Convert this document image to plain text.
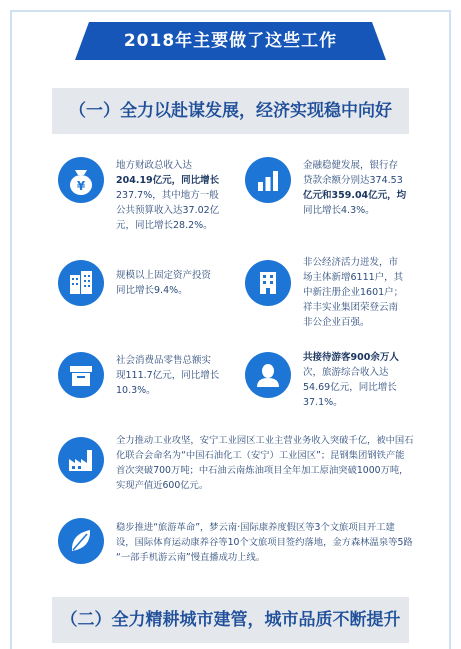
2018年主要做了这些工作
（一）全力以赴谋发展，经济实现稳中向好
¥

地方财政总收入达

204.19亿元，同比增长

237.7%，其中地方一般

公共预算收入达37.02亿

元，同比增长28.2%。

金融稳健发展，银行存

贷款余额分别达374.53

亿元和359.04亿元，均

同比增长4.3%。

规模以上固定资产投资

同比增长9.4%。

非公经济活力迸发，市

场主体新增6111户，其

中新注册企业1601户；

祥丰实业集团荣登云南

非公企业百强。

社会消费品零售总额实

现111.7亿元，同比增长

10.3%。

共接待游客900余万人

次，旅游综合收入达

54.69亿元，同比增长

37.1%。

全力推动工业攻坚，安宁工业园区工业主营业务收入突破千亿，被中国石

化联合会命名为“中国石油化工（安宁）工业园区”；昆钢集团钢铁产能

首次突破700万吨；中石油云南炼油项目全年加工原油突破1000万吨，

实现产值近600亿元。

稳步推进“旅游革命”，梦云南·国际康养度假区等3个文旅项目开工建

设，国际体育运动康养谷等10个文旅项目签约落地，金方森林温泉等5路

“一部手机游云南”慢直播成功上线。

（二）全力精耕城市建管，城市品质不断提升
